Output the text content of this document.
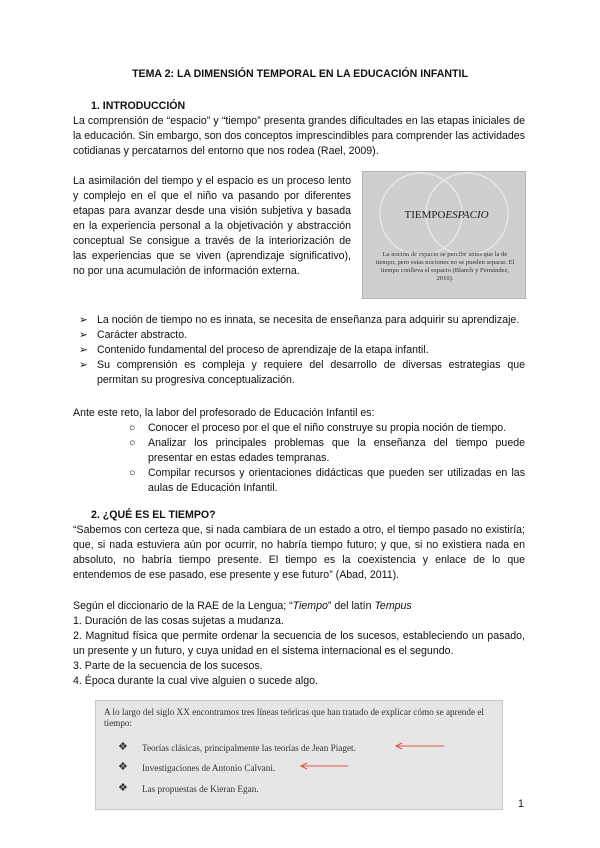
TEMA 2: LA DIMENSIÓN TEMPORAL EN LA EDUCACIÓN INFANTIL
1. INTRODUCCIÓN
La comprensión de “espacio” y “tiempo” presenta grandes dificultades en las etapas iniciales de la educación. Sin embargo, son dos conceptos imprescindibles para comprender las actividades cotidianas y percatarnos del entorno que nos rodea (Rael, 2009).
La asimilación del tiempo y el espacio es un proceso lento y complejo en el que el niño va pasando por diferentes etapas para avanzar desde una visión subjetiva y basada en la experiencia personal a la objetivación y abstracción conceptual Se consigue a través de la interiorización de las experiencias que se viven (aprendizaje significativo), no por una acumulación de información externa.
TIEMPO ESPACIO
La noción de espacio se percibe antes que la de tiempo; pero estas nociones no se pueden separar. El tiempo conlleva el espacio (Blanch y Fernández, 2010).
➢ La noción de tiempo no es innata, se necesita de enseñanza para adquirir su aprendizaje.
➢ Carácter abstracto.
➢ Contenido fundamental del proceso de aprendizaje de la etapa infantil.
➢ Su comprensión es compleja y requiere del desarrollo de diversas estrategias que permitan su progresiva conceptualización.
Ante este reto, la labor del profesorado de Educación Infantil es:
○ Conocer el proceso por el que el niño construye su propia noción de tiempo.
○ Analizar los principales problemas que la enseñanza del tiempo puede presentar en estas edades tempranas.
○ Compilar recursos y orientaciones didácticas que pueden ser utilizadas en las aulas de Educación Infantil.
2. ¿QUÉ ES EL TIEMPO?
“Sabemos con certeza que, si nada cambiara de un estado a otro, el tiempo pasado no existiría; que, si nada estuviera aún por ocurrir, no habría tiempo futuro; y que, si no existiera nada en absoluto, no habría tiempo presente. El tiempo es la coexistencia y enlace de lo que entendemos de ese pasado, ese presente y ese futuro” (Abad, 2011).
Según el diccionario de la RAE de la Lengua; “Tiempo” del latín Tempus
1. Duración de las cosas sujetas a mudanza.
2. Magnitud física que permite ordenar la secuencia de los sucesos, estableciendo un pasado, un presente y un futuro, y cuya unidad en el sistema internacional es el segundo.
3. Parte de la secuencia de los sucesos.
4. Época durante la cual vive alguien o sucede algo.
A lo largo del siglo XX encontramos tres líneas teóricas que han tratado de explicar cómo se aprende el tiempo:
❖ Teorías clásicas, principalmente las teorías de Jean Piaget.
❖ Investigaciones de Antonio Calvani.
❖ Las propuestas de Kieran Egan.
1
